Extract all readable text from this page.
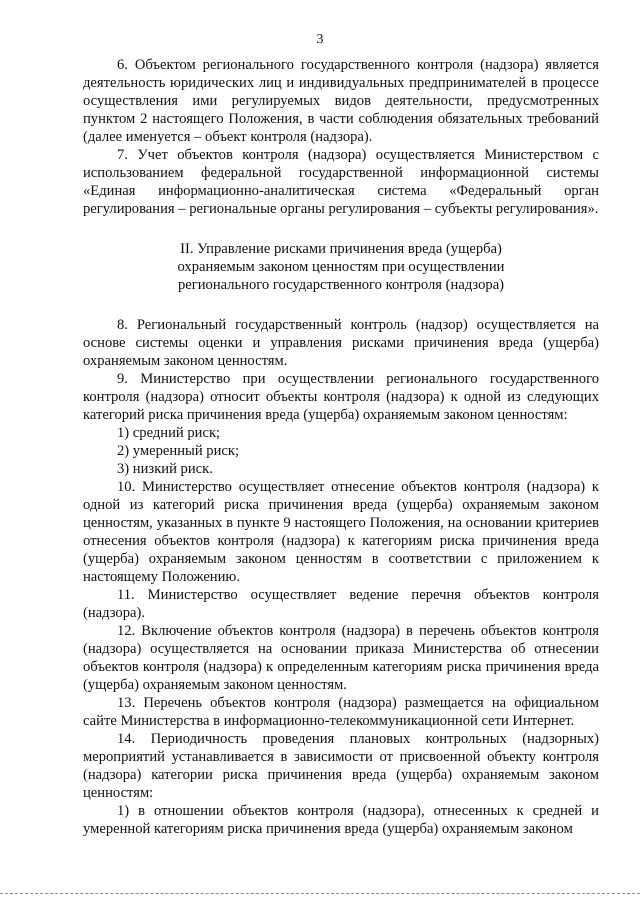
3

6. Объектом регионального государственного контроля (надзора) является деятельность юридических лиц и индивидуальных предпринимателей в процессе осуществления ими регулируемых видов деятельности, предусмотренных пунктом 2 настоящего Положения, в части соблюдения обязательных требований (далее именуется – объект контроля (надзора).

7. Учет объектов контроля (надзора) осуществляется Министерством с использованием федеральной государственной информационной системы «Единая информационно-аналитическая система «Федеральный орган регулирования – региональные органы регулирования – субъекты регулирования».

II. Управление рисками причинения вреда (ущерба)
охраняемым законом ценностям при осуществлении
регионального государственного контроля (надзора)

8. Региональный государственный контроль (надзор) осуществляется на основе системы оценки и управления рисками причинения вреда (ущерба) охраняемым законом ценностям.

9. Министерство при осуществлении регионального государственного контроля (надзора) относит объекты контроля (надзора) к одной из следующих категорий риска причинения вреда (ущерба) охраняемым законом ценностям:

1) средний риск;

2) умеренный риск;

3) низкий риск.

10. Министерство осуществляет отнесение объектов контроля (надзора) к одной из категорий риска причинения вреда (ущерба) охраняемым законом ценностям, указанных в пункте 9 настоящего Положения, на основании критериев отнесения объектов контроля (надзора) к категориям риска причинения вреда (ущерба) охраняемым законом ценностям в соответствии с приложением к настоящему Положению.

11. Министерство осуществляет ведение перечня объектов контроля (надзора).

12. Включение объектов контроля (надзора) в перечень объектов контроля (надзора) осуществляется на основании приказа Министерства об отнесении объектов контроля (надзора) к определенным категориям риска причинения вреда (ущерба) охраняемым законом ценностям.

13. Перечень объектов контроля (надзора) размещается на официальном сайте Министерства в информационно-телекоммуникационной сети Интернет.

14. Периодичность проведения плановых контрольных (надзорных) мероприятий устанавливается в зависимости от присвоенной объекту контроля (надзора) категории риска причинения вреда (ущерба) охраняемым законом ценностям:

1) в отношении объектов контроля (надзора), отнесенных к средней и умеренной категориям риска причинения вреда (ущерба) охраняемым законом
